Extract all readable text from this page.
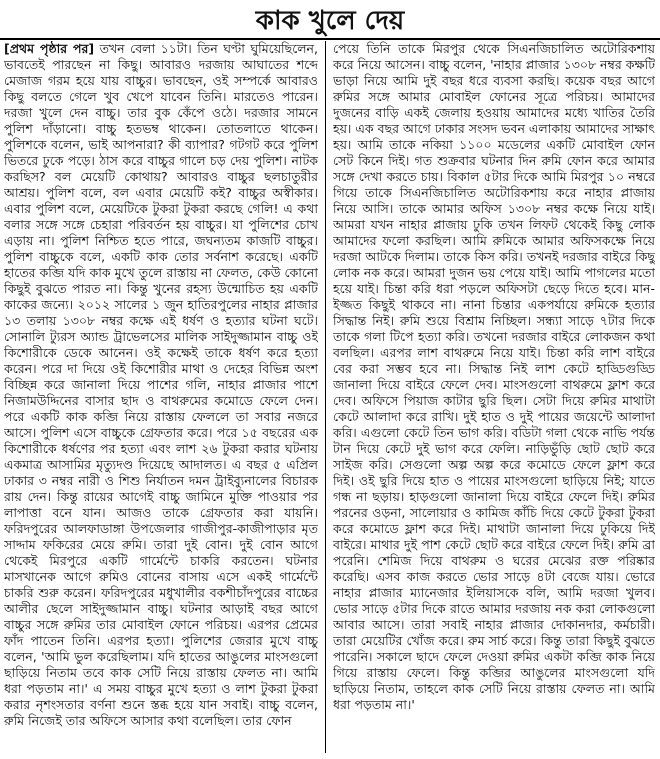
কাক খুলে দেয়

[প্রথম পৃষ্ঠার পর] তখন বেলা ১১টা। তিন ঘণ্টা ঘুমিয়েছিলেন, ভাবতেই পারছেন না কিছু। আবারও দরজায় আঘাতের শব্দে মেজাজ গরম হয়ে যায় বাচ্চুর। ভাবছেন, ওই সম্পর্কে আবারও কিছু বলতে গেলে খুব খেপে যাবেন তিনি। মারতেও পারেন। দরজা খুলে দেন বাচ্চু। তার বুক কেঁপে ওঠে। দরজার সামনে পুলিশ দাঁড়ানো। বাচ্চু হতভম্ব থাকেন। তোতলাতে থাকেন। পুলিশকে বলেন, ভাই আপনারা? কী ব্যাপার? গটগট করে পুলিশ ভিতরে ঢুকে পড়ে। ঠাস করে বাচ্চুর গালে চড় দেয় পুলিশ। নাটক করছিস? বল মেয়েটি কোথায়? আবারও বাচ্চুর ছলচাতুরীর আশ্রয়। পুলিশ বলে, বল এবার মেয়েটি কই? বাচ্চুর অস্বীকার। এবার পুলিশ বলে, মেয়েটিকে টুকরা টুকরা করছে গেলি! এ কথা বলার সঙ্গে সঙ্গে চেহারা পরিবর্তন হয় বাচ্চুর। যা পুলিশের চোখ এড়ায় না। পুলিশ নিশ্চিত হতে পারে, জঘন্যতম কাজটি বাচ্চুর। পুলিশ বাচ্চুকে বলে, একটি কাক তোর সর্বনাশ করেছে। একটি হাতের কব্জি যদি কাক মুখে তুলে রাস্তায় না ফেলত, কেউ কোনো কিছুই বুঝতে পারত না। কিন্তু খুনের রহস্য উন্মোচিত হয় একটি কাকের জন্যে। ২০১২ সালের ১ জুন হাতিরপুলের নাহার প্লাজার ১৩ তলায় ১৩০৮ নম্বর কক্ষে এই ধর্ষণ ও হত্যার ঘটনা ঘটে। সোনালি ট্যুরস অ্যান্ড ট্রাভেলসের মালিক সাইদুজ্জামান বাচ্চু ওই কিশোরীকে ডেকে আনেন। ওই কক্ষেই তাকে ধর্ষণ করে হত্যা করেন। পরে দা দিয়ে ওই কিশোরীর মাথা ও দেহের বিভিন্ন অংশ বিচ্ছিন্ন করে জানালা দিয়ে পাশের গলি, নাহার প্লাজার পাশে নিজামউদ্দিনের বাসার ছাদ ও বাথরুমের কমোডে ফেলে দেন। পরে একটি কাক কব্জি নিয়ে রাস্তায় ফেললে তা সবার নজরে আসে। পুলিশ এসে বাচ্চুকে গ্রেফতার করে। পরে ১৫ বছরের এক কিশোরীকে ধর্ষণের পর হত্যা এবং লাশ ২৬ টুকরা করার ঘটনায় একমাত্র আসামির মৃত্যুদণ্ড দিয়েছে আদালত। এ বছর ৫ এপ্রিল ঢাকার ৩ নম্বর নারী ও শিশু নির্যাতন দমন ট্রাইব্যুনালের বিচারক রায় দেন। কিন্তু রায়ের আগেই বাচ্চু জামিনে মুক্তি পাওয়ার পর লাপাত্তা বনে যান। আজও তাকে গ্রেফতার করা যায়নি। ফরিদপুরের আলফাডাঙ্গা উপজেলার গাজীপুর-কাজীপাড়ার মৃত সাদ্দাম ফকিরের মেয়ে রুমি। তারা দুই বোন। দুই বোন আগে থেকেই মিরপুরে একটি গার্মেন্টে চাকরি করতেন। ঘটনার মাসখানেক আগে রুমিও বোনের বাসায় এসে একই গার্মেন্টে চাকরি শুরু করেন। ফরিদপুরের মধুখালীর বকশীচাঁদপুরের বাচ্চের আলীর ছেলে সাইদুজ্জামান বাচ্চু। ঘটনার আড়াই বছর আগে বাচ্চুর সঙ্গে রুমির তার মোবাইল ফোনে পরিচয়। এরপর প্রেমের ফাঁদ পাতেন তিনি। এরপর হত্যা। পুলিশের জেরার মুখে বাচ্চু বলেন, 'আমি ভুল করেছিলাম। যদি হাতের আঙুলের মাংসগুলো ছাড়িয়ে নিতাম তবে কাক সেটি নিয়ে রাস্তায় ফেলত না। আমি ধরা পড়তাম না।' এ সময় বাচ্চুর মুখে হত্যা ও লাশ টুকরা টুকরা করার নৃশংসতার বর্ণনা শুনে স্তব্ধ হয়ে যান সবাই। বাচ্চু বলেন, রুমি নিজেই তার অফিসে আসার কথা বলেছিল। তার ফোন

পেয়ে তিনি তাকে মিরপুর থেকে সিএনজিচালিত অটোরিকশায় করে নিয়ে আসেন। বাচ্চু বলেন, 'নাহার প্লাজার ১৩০৮ নম্বর কক্ষটি ভাড়া নিয়ে আমি দুই বছর ধরে ব্যবসা করছি। কয়েক বছর আগে রুমির সঙ্গে আমার মোবাইল ফোনের সূত্রে পরিচয়। আমাদের দুজনের বাড়ি একই জেলায় হওয়ায় আমাদের মধ্যে খাতির তৈরি হয়। এক বছর আগে ঢাকার সংসদ ভবন এলাকায় আমাদের সাক্ষাৎ হয়। আমি তাকে নকিয়া ১১০০ মডেলের একটি মোবাইল ফোন সেট কিনে দিই। গত শুক্রবার ঘটনার দিন রুমি ফোন করে আমার সঙ্গে দেখা করতে চায়। বিকাল ৫টার দিকে আমি মিরপুর ১০ নম্বরে গিয়ে তাকে সিএনজিচালিত অটোরিকশায় করে নাহার প্লাজায় নিয়ে আসি। তাকে আমার অফিস ১৩০৮ নম্বর কক্ষে নিয়ে যাই। আমরা যখন নাহার প্লাজায় ঢুকি তখন লিফট থেকেই কিছু লোক আমাদের ফলো করছিল। আমি রুমিকে আমার অফিসকক্ষে নিয়ে দরজা আটকে দিলাম। তাকে কিস করি। তখনই দরজার বাইরে কিছু লোক নক করে। আমরা দুজন ভয় পেয়ে যাই। আমি পাগলের মতো হয়ে যাই। চিন্তা করি ধরা পড়লে অফিসটা ছেড়ে দিতে হবে। মান-ইজ্জত কিছুই থাকবে না। নানা চিন্তার একপর্যায়ে রুমিকে হত্যার সিদ্ধান্ত নিই। রুমি শুয়ে বিশ্রাম নিচ্ছিল। সন্ধ্যা সাড়ে ৭টার দিকে তাকে গলা টিপে হত্যা করি। তখনো দরজার বাইরে লোকজন কথা বলছিল। এরপর লাশ বাথরুমে নিয়ে যাই। চিন্তা করি লাশ বাইরে বের করা সম্ভব হবে না। সিদ্ধান্ত নিই লাশ কেটে হাড্ডিগুড্ডি জানালা দিয়ে বাইরে ফেলে দেব। মাংসগুলো বাথরুমে ফ্লাশ করে দেব। অফিসে পিয়াজ কাটার ছুরি ছিল। সেটা দিয়ে রুমির মাথাটা কেটে আলাদা করে রাখি। দুই হাত ও দুই পায়ের জয়েন্টে আলাদা করি। এগুলো কেটে তিন ভাগ করি। বডিটা গলা থেকে নাভি পর্যন্ত টান দিয়ে কেটে দুই ভাগ করে ফেলি। নাড়িভুঁড়ি ছোট ছোট করে সাইজ করি। সেগুলো অল্প অল্প করে কমোডে ফেলে ফ্লাশ করে দিই। ওই ছুরি দিয়ে হাত ও পায়ের মাংসগুলো ছাড়িয়ে নিই; যাতে গন্ধ না ছড়ায়। হাড়গুলো জানালা দিয়ে বাইরে ফেলে দিই। রুমির পরনের ওড়না, সালোয়ার ও কামিজ কাঁচি দিয়ে কেটে টুকরা টুকরা করে কমোডে ফ্লাশ করে দিই। মাথাটা জানালা দিয়ে ঢুকিয়ে দিই বাইরে। মাথার দুই পাশ কেটে ছোট করে বাইরে ফেলে দিই। রুমি ব্রা পরেনি। শেমিজ দিয়ে বাথরুম ও ঘরের মেঝের রক্ত পরিষ্কার করেছি। এসব কাজ করতে ভোর সাড়ে ৪টা বেজে যায়। ভোরে নাহার প্লাজার ম্যানেজার ইলিয়াসকে বলি, আমি দরজা খুলব। ভোর সাড়ে ৫টার দিকে রাতে আমার দরজায় নক করা লোকগুলো আবার আসে। তারা সবাই নাহার প্লাজার দোকানদার, কর্মচারী। তারা মেয়েটির খোঁজ করে। রুম সার্চ করে। কিন্তু তারা কিছুই বুঝতে পারেনি। সকালে ছাদে ফেলে দেওয়া রুমির একটা কব্জি কাক নিয়ে গিয়ে রাস্তায় ফেলে। কিন্তু কব্জির আঙুলের মাংসগুলো যদি ছাড়িয়ে নিতাম, তাহলে কাক সেটি নিয়ে রাস্তায় ফেলত না। আমি ধরা পড়তাম না।'
